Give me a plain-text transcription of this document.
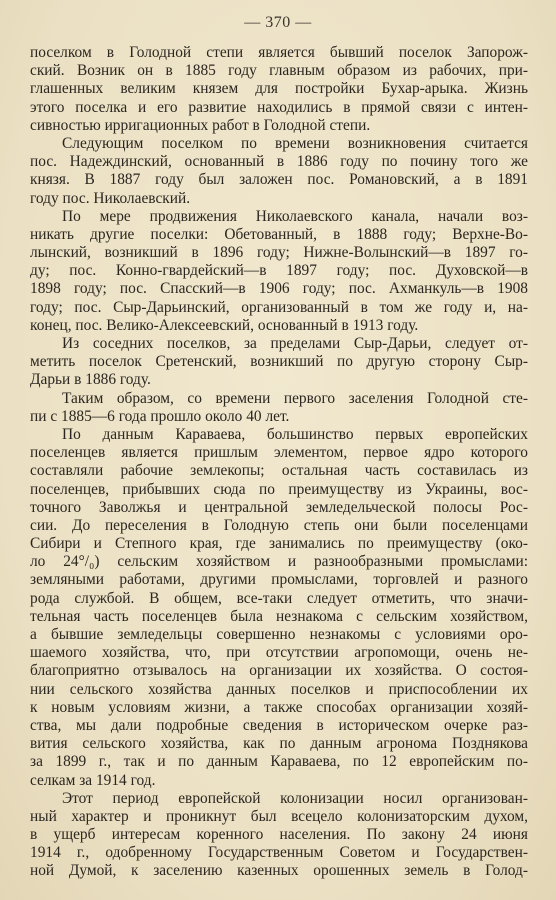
— 370 —
поселком в Голодной степи является бывший поселок Запорож-
ский. Возник он в 1885 году главным образом из рабочих, при-
глашенных великим князем для постройки Бухар-арыка. Жизнь
этого поселка и его развитие находились в прямой связи с интен-
сивностью ирригационных работ в Голодной степи.
Следующим поселком по времени возникновения считается
пос. Надеждинский, основанный в 1886 году по почину того же
князя. В 1887 году был заложен пос. Романовский, а в 1891
году пос. Николаевский.
По мере продвижения Николаевского канала, начали воз-
никать другие поселки: Обетованный, в 1888 году; Верхне-Во-
лынский, возникший в 1896 году; Нижне-Волынский—в 1897 го-
ду; пос. Конно-гвардейский—в 1897 году; пос. Духовской—в
1898 году; пос. Спасский—в 1906 году; пос. Ахманкуль—в 1908
году; пос. Сыр-Дарьинский, организованный в том же году и, на-
конец, пос. Велико-Алексеевский, основанный в 1913 году.
Из соседних поселков, за пределами Сыр-Дарьи, следует от-
метить поселок Сретенский, возникший по другую сторону Сыр-
Дарьи в 1886 году.
Таким образом, со времени первого заселения Голодной сте-
пи с 1885—6 года прошло около 40 лет.
По данным Караваева, большинство первых европейских
поселенцев является пришлым элементом, первое ядро которого
составляли рабочие землекопы; остальная часть составилась из
поселенцев, прибывших сюда по преимуществу из Украины, вос-
точного Заволжья и центральной земледельческой полосы Рос-
сии. До переселения в Голодную степь они были поселенцами
Сибири и Степного края, где занимались по преимуществу (око-
ло 24°/₀) сельским хозяйством и разнообразными промыслами:
земляными работами, другими промыслами, торговлей и разного
рода службой. В общем, все-таки следует отметить, что значи-
тельная часть поселенцев была незнакома с сельским хозяйством,
а бывшие земледельцы совершенно незнакомы с условиями оро-
шаемого хозяйства, что, при отсутствии агропомощи, очень не-
благоприятно отзывалось на организации их хозяйства. О состоя-
нии сельского хозяйства данных поселков и приспособлении их
к новым условиям жизни, а также способах организации хозяй-
ства, мы дали подробные сведения в историческом очерке раз-
вития сельского хозяйства, как по данным агронома Позднякова
за 1899 г., так и по данным Караваева, по 12 европейским по-
селкам за 1914 год.
Этот период европейской колонизации носил организован-
ный характер и проникнут был всецело колонизаторским духом,
в ущерб интересам коренного населения. По закону 24 июня
1914 г., одобренному Государственным Советом и Государствен-
ной Думой, к заселению казенных орошенных земель в Голод-
